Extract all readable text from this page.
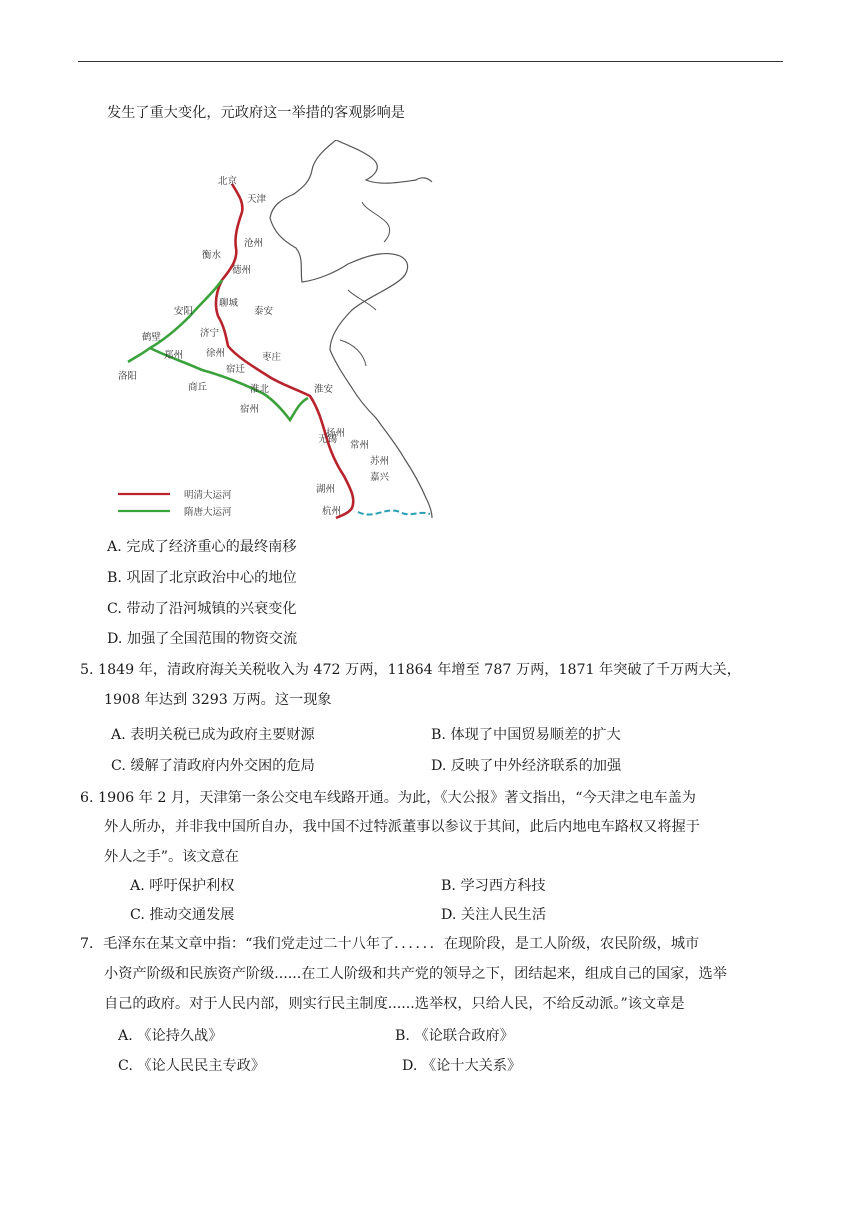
发生了重大变化，元政府这一举措的客观影响是
北京
天津
沧州
衡水
德州
聊城
泰安
安阳
鹤壁	济宁
郑州 徐州	枣庄
宿迁
洛阳
商丘	淮北
宿州
淮安
扬州
常州
苏州
无锡
嘉兴
湖州
杭州
明清大运河
隋唐大运河
A. 完成了经济重心的最终南移
B. 巩固了北京政治中心的地位
C. 带动了沿河城镇的兴衰变化
D. 加强了全国范围的物资交流
5. 1849 年，清政府海关关税收入为 472 万两，11864 年增至 787 万两，1871 年突破了千万两大关，
1908 年达到 3293 万两。这一现象
A. 表明关税已成为政府主要财源	B. 体现了中国贸易顺差的扩大
C. 缓解了清政府内外交困的危局	D. 反映了中外经济联系的加强
6. 1906 年 2 月，天津第一条公交电车线路开通。为此，《大公报》著文指出，“今天津之电车盖为
外人所办，并非我中国所自办，我中国不过特派董事以参议于其间，此后内地电车路权又将握于
外人之手”。该文意在
A. 呼吁保护利权	B. 学习西方科技
C. 推动交通发展	D. 关注人民生活
7．毛泽东在某文章中指：“我们党走过二十八年了．．．．．．在现阶段，是工人阶级，农民阶级，城市
小资产阶级和民族资产阶级......在工人阶级和共产党的领导之下，团结起来，组成自己的国家，选举
自己的政府。对于人民内部，则实行民主制度......选举权，只给人民，不给反动派。”该文章是
A. 《论持久战》	B. 《论联合政府》
C. 《论人民民主专政》	D. 《论十大关系》
